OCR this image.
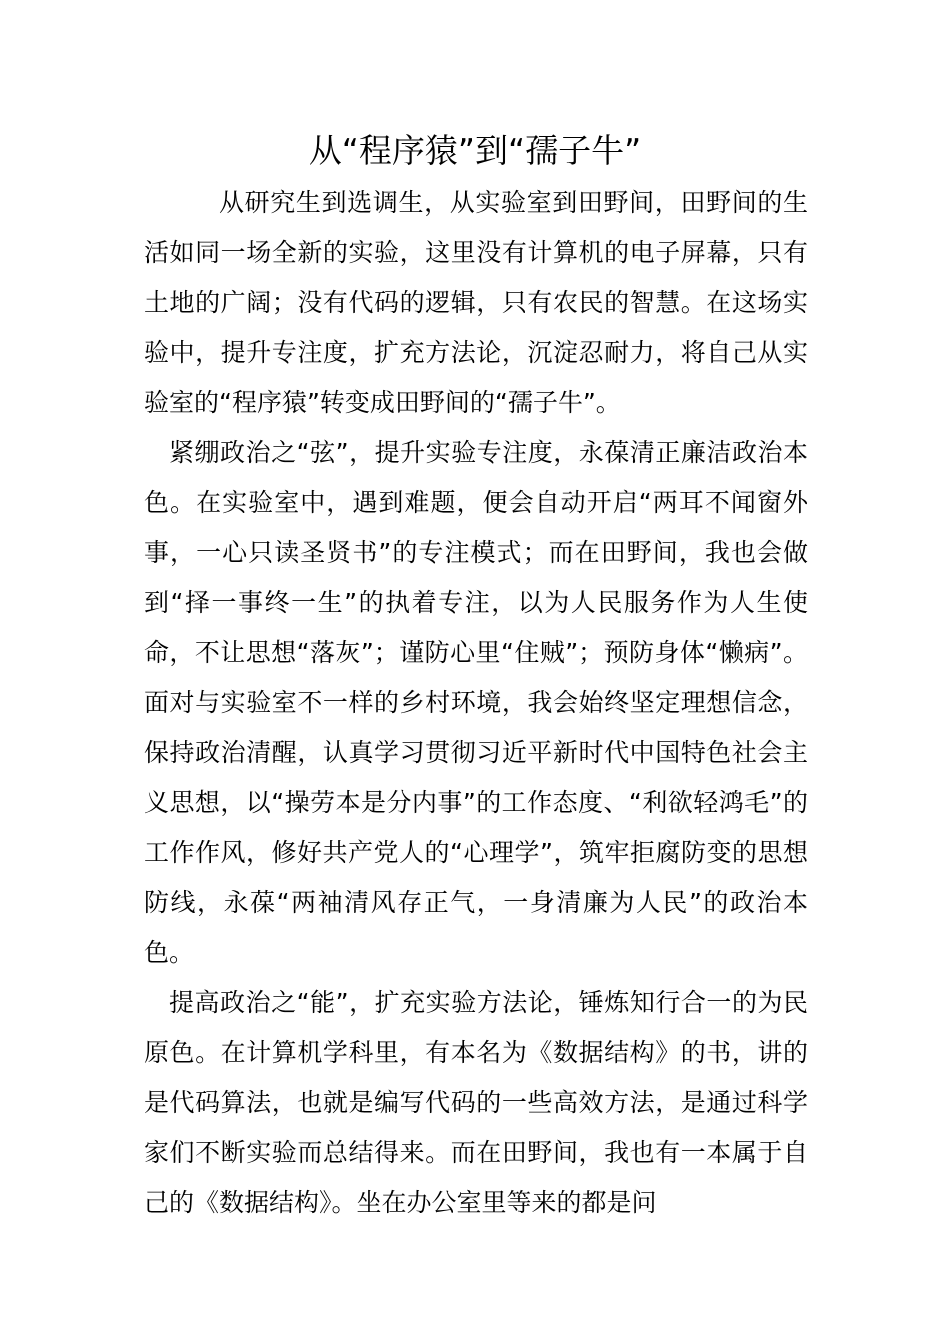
从“程序猿”到“孺子牛”

从研究生到选调生，从实验室到田野间，田野间的生活如同一场全新的实验，这里没有计算机的电子屏幕，只有土地的广阔；没有代码的逻辑，只有农民的智慧。在这场实验中，提升专注度，扩充方法论，沉淀忍耐力，将自己从实验室的“程序猿”转变成田野间的“孺子牛”。

紧绷政治之“弦”，提升实验专注度，永葆清正廉洁政治本色。在实验室中，遇到难题，便会自动开启“两耳不闻窗外事，一心只读圣贤书”的专注模式；而在田野间，我也会做到“择一事终一生”的执着专注，以为人民服务作为人生使命，不让思想“落灰”；谨防心里“住贼”；预防身体“懒病”。面对与实验室不一样的乡村环境，我会始终坚定理想信念，保持政治清醒，认真学习贯彻习近平新时代中国特色社会主义思想，以“操劳本是分内事”的工作态度、“利欲轻鸿毛”的工作作风，修好共产党人的“心理学”，筑牢拒腐防变的思想防线，永葆“两袖清风存正气，一身清廉为人民”的政治本色。

提高政治之“能”，扩充实验方法论，锤炼知行合一的为民原色。在计算机学科里，有本名为《数据结构》的书，讲的是代码算法，也就是编写代码的一些高效方法，是通过科学家们不断实验而总结得来。而在田野间，我也有一本属于自己的《数据结构》。坐在办公室里等来的都是问
